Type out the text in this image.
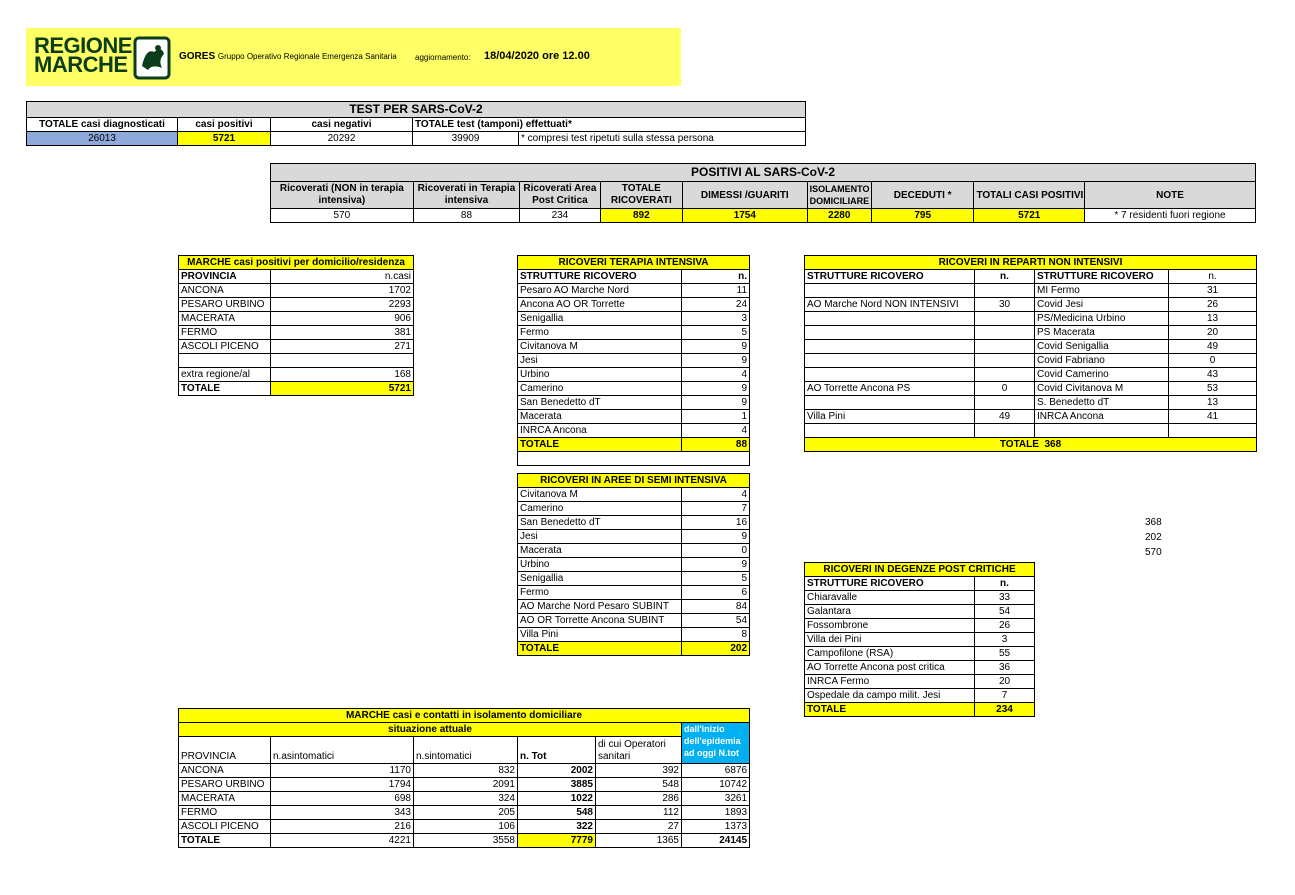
REGIONE
MARCHE	GORES Gruppo Operativo Regionale Emergenza Sanitaria aggiornamento: 18/04/2020 ore 12.00
TEST PER SARS-CoV-2				
TOTALE casi diagnosticati	casi positivi	casi negativi	TOTALE test (tamponi) effettuati*	
26013	5721	20292	39909	* compresi test ripetuti sulla stessa persona
POSITIVI AL SARS-CoV-2								
Ricoverati (NON in terapia intensiva)	Ricoverati in Terapia intensiva	Ricoverati Area Post Critica	TOTALE RICOVERATI	DIMESSI /GUARITI	ISOLAMENTO DOMICILIARE	DECEDUTI *	TOTALI CASI POSITIVI	NOTE
570	88	234	892	1754	2280	795	5721	* 7 residenti fuori regione
MARCHE casi positivi per domicilio/residenza	
PROVINCIA	n.casi
ANCONA	1702
PESARO URBINO	2293
MACERATA	906
FERMO	381
ASCOLI PICENO	271

extra regione/al	168
TOTALE	5721
RICOVERI TERAPIA INTENSIVA	
STRUTTURE RICOVERO	n.
Pesaro AO Marche Nord	11
Ancona AO OR Torrette	24
Senigallia	3
Fermo	5
Civitanova M	9
Jesi	9
Urbino	4
Camerino	9
San Benedetto dT	9
Macerata	1
INRCA Ancona	4
TOTALE	88

RICOVERI IN AREE DI SEMI INTENSIVA	
Civitanova M	4
Camerino	7
San Benedetto dT	16
Jesi	9
Macerata	0
Urbino	9
Senigallia	5
Fermo	6
AO Marche Nord Pesaro SUBINT	84
AO OR Torrette Ancona SUBINT	54
Villa Pini	8
TOTALE	202
RICOVERI IN REPARTI NON INTENSIVI			
STRUTTURE RICOVERO	n.	STRUTTURE RICOVERO	n.
		MI Fermo	31
AO Marche Nord NON INTENSIVI	30	Covid Jesi	26
		PS/Medicina Urbino	13
		PS Macerata	20
		Covid Senigallia	49
		Covid Fabriano	0
		Covid Camerino	43
AO Torrette Ancona PS	0	Covid Civitanova M	53
		S. Benedetto dT	13
Villa Pini	49	INRCA Ancona	41

TOTALE 368			
368
202
570
RICOVERI IN DEGENZE POST CRITICHE	
STRUTTURE RICOVERO	n.
Chiaravalle	33
Galantara	54
Fossombrone	26
Villa dei Pini	3
Campofilone (RSA)	55
AO Torrette Ancona post critica	36
INRCA Fermo	20
Ospedale da campo milit. Jesi	7
TOTALE	234
MARCHE casi e contatti in isolamento domiciliare					
situazione attuale					dall'inizio dell'epidemia ad oggi N.tot
PROVINCIA	n.asintomatici	n.sintomatici	n. Tot	di cui Operatori sanitari	
ANCONA	1170	832	2002	392	6876
PESARO URBINO	1794	2091	3885	548	10742
MACERATA	698	324	1022	286	3261
FERMO	343	205	548	112	1893
ASCOLI PICENO	216	106	322	27	1373
TOTALE	4221	3558	7779	1365	24145
